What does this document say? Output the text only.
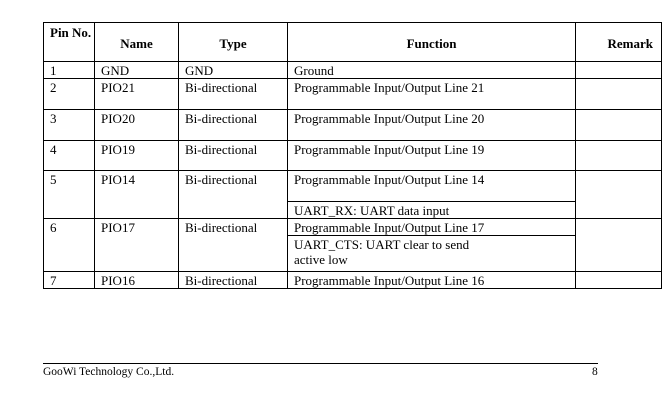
Pin No.	Name	Type	Function	Remark
1	GND	GND	Ground	
2	PIO21	Bi-directional	Programmable Input/Output Line 21	
3	PIO20	Bi-directional	Programmable Input/Output Line 20	
4	PIO19	Bi-directional	Programmable Input/Output Line 19	
5	PIO14	Bi-directional	Programmable Input/Output Line 14	
			UART_RX: UART data input	
6	PIO17	Bi-directional	Programmable Input/Output Line 17	
			UART_CTS: UART clear to send active low	
7	PIO16	Bi-directional	Programmable Input/Output Line 16	
GooWi Technology Co.,Ltd.	8
